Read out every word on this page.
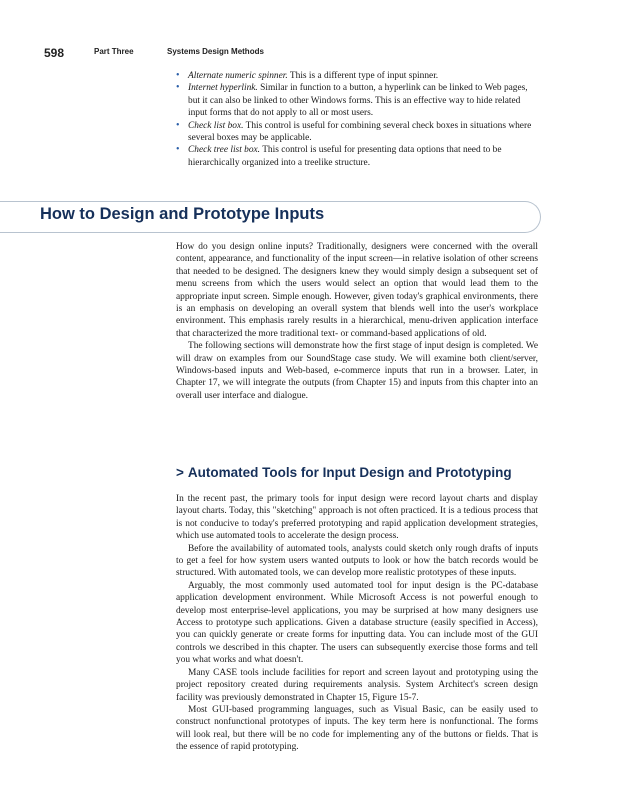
598	Part Three	Systems Design Methods
• Alternate numeric spinner. This is a different type of input spinner.
• Internet hyperlink. Similar in function to a button, a hyperlink can be linked to Web pages, but it can also be linked to other Windows forms. This is an effective way to hide related input forms that do not apply to all or most users.
• Check list box. This control is useful for combining several check boxes in situations where several boxes may be applicable.
• Check tree list box. This control is useful for presenting data options that need to be hierarchically organized into a treelike structure.
How to Design and Prototype Inputs

How do you design online inputs? Traditionally, designers were concerned with the overall content, appearance, and functionality of the input screen—in relative isolation of other screens that needed to be designed. The designers knew they would simply design a subsequent set of menu screens from which the users would select an option that would lead them to the appropriate input screen. Simple enough. However, given today's graphical environments, there is an emphasis on developing an overall system that blends well into the user's workplace environment. This emphasis rarely results in a hierarchical, menu-driven application interface that characterized the more traditional text- or command-based applications of old.

The following sections will demonstrate how the first stage of input design is completed. We will draw on examples from our SoundStage case study. We will examine both client/server, Windows-based inputs and Web-based, e-commerce inputs that run in a browser. Later, in Chapter 17, we will integrate the outputs (from Chapter 15) and inputs from this chapter into an overall user interface and dialogue.

> Automated Tools for Input Design and Prototyping

In the recent past, the primary tools for input design were record layout charts and display layout charts. Today, this "sketching" approach is not often practiced. It is a tedious process that is not conducive to today's preferred prototyping and rapid application development strategies, which use automated tools to accelerate the design process.

Before the availability of automated tools, analysts could sketch only rough drafts of inputs to get a feel for how system users wanted outputs to look or how the batch records would be structured. With automated tools, we can develop more realistic prototypes of these inputs.

Arguably, the most commonly used automated tool for input design is the PC-database application development environment. While Microsoft Access is not powerful enough to develop most enterprise-level applications, you may be surprised at how many designers use Access to prototype such applications. Given a database structure (easily specified in Access), you can quickly generate or create forms for inputting data. You can include most of the GUI controls we described in this chapter. The users can subsequently exercise those forms and tell you what works and what doesn't.

Many CASE tools include facilities for report and screen layout and prototyping using the project repository created during requirements analysis. System Architect's screen design facility was previously demonstrated in Chapter 15, Figure 15-7.

Most GUI-based programming languages, such as Visual Basic, can be easily used to construct nonfunctional prototypes of inputs. The key term here is nonfunctional. The forms will look real, but there will be no code for implementing any of the buttons or fields. That is the essence of rapid prototyping.
